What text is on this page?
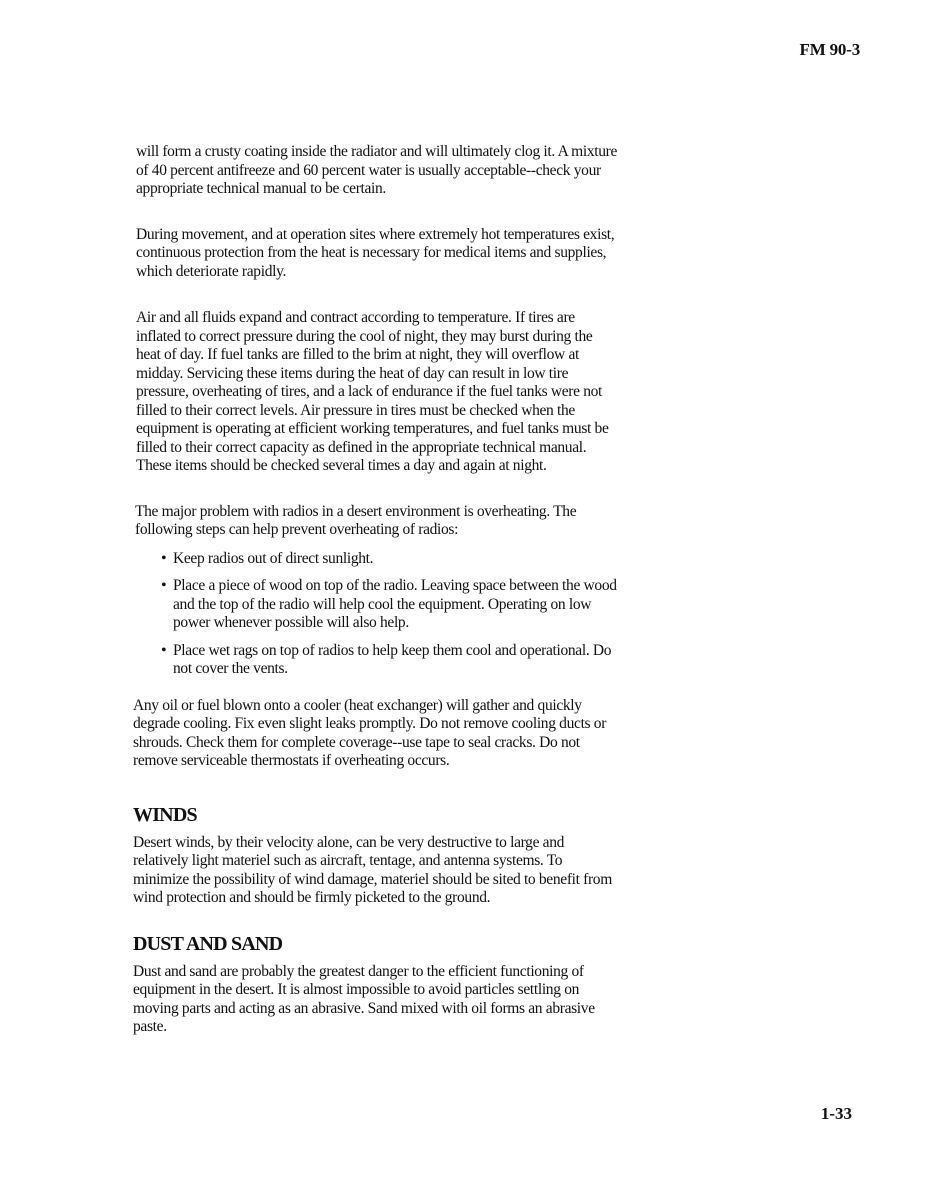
FM 90-3

will form a crusty coating inside the radiator and will ultimately clog it. A mixture of 40 percent antifreeze and 60 percent water is usually acceptable--check your appropriate technical manual to be certain.

During movement, and at operation sites where extremely hot temperatures exist, continuous protection from the heat is necessary for medical items and supplies, which deteriorate rapidly.

Air and all fluids expand and contract according to temperature. If tires are inflated to correct pressure during the cool of night, they may burst during the heat of day. If fuel tanks are filled to the brim at night, they will overflow at midday. Servicing these items during the heat of day can result in low tire pressure, overheating of tires, and a lack of endurance if the fuel tanks were not filled to their correct levels. Air pressure in tires must be checked when the equipment is operating at efficient working temperatures, and fuel tanks must be filled to their correct capacity as defined in the appropriate technical manual. These items should be checked several times a day and again at night.

The major problem with radios in a desert environment is overheating. The following steps can help prevent overheating of radios:

• Keep radios out of direct sunlight.

• Place a piece of wood on top of the radio. Leaving space between the wood and the top of the radio will help cool the equipment. Operating on low power whenever possible will also help.

• Place wet rags on top of radios to help keep them cool and operational. Do not cover the vents.

Any oil or fuel blown onto a cooler (heat exchanger) will gather and quickly degrade cooling. Fix even slight leaks promptly. Do not remove cooling ducts or shrouds. Check them for complete coverage--use tape to seal cracks. Do not remove serviceable thermostats if overheating occurs.

WINDS

Desert winds, by their velocity alone, can be very destructive to large and relatively light materiel such as aircraft, tentage, and antenna systems. To minimize the possibility of wind damage, materiel should be sited to benefit from wind protection and should be firmly picketed to the ground.

DUST AND SAND

Dust and sand are probably the greatest danger to the efficient functioning of equipment in the desert. It is almost impossible to avoid particles settling on moving parts and acting as an abrasive. Sand mixed with oil forms an abrasive paste.

1-33
